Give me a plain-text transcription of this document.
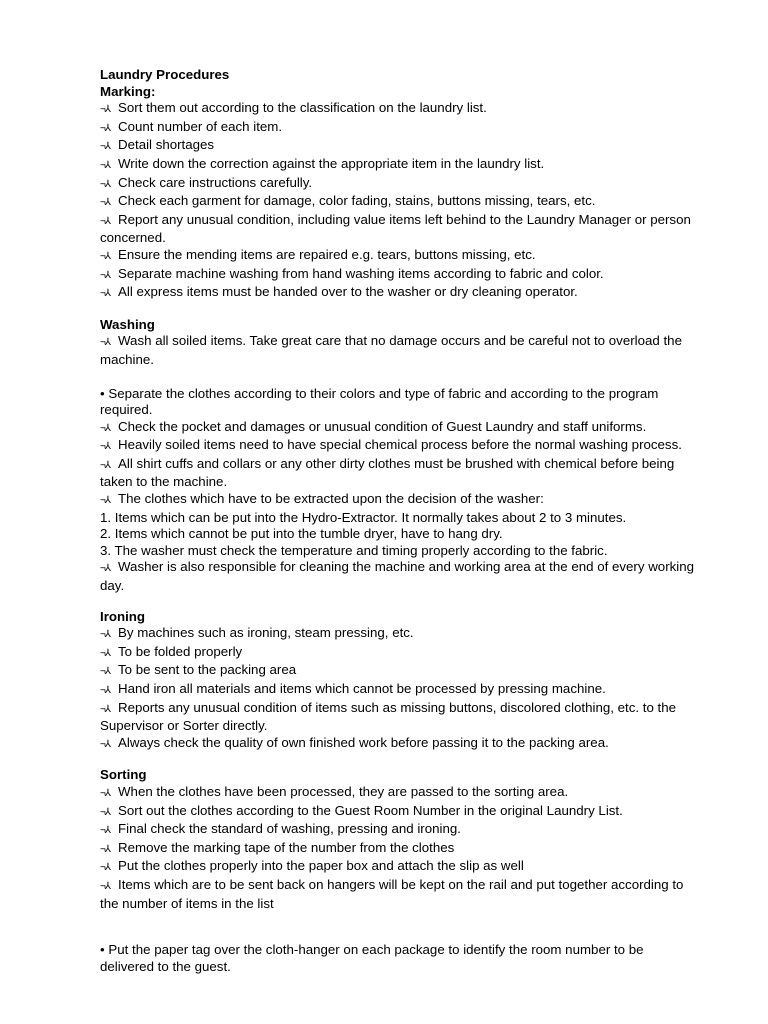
Laundry Procedures
Marking:
¬⅄ Sort them out according to the classification on the laundry list.
¬⅄ Count number of each item.
¬⅄ Detail shortages
¬⅄ Write down the correction against the appropriate item in the laundry list.
¬⅄ Check care instructions carefully.
¬⅄ Check each garment for damage, color fading, stains, buttons missing, tears, etc.
¬⅄ Report any unusual condition, including value items left behind to the Laundry Manager or person concerned.
¬⅄ Ensure the mending items are repaired e.g. tears, buttons missing, etc.
¬⅄ Separate machine washing from hand washing items according to fabric and color.
¬⅄ All express items must be handed over to the washer or dry cleaning operator.
Washing
¬⅄ Wash all soiled items. Take great care that no damage occurs and be careful not to overload the machine.
• Separate the clothes according to their colors and type of fabric and according to the program required.
¬⅄ Check the pocket and damages or unusual condition of Guest Laundry and staff uniforms.
¬⅄ Heavily soiled items need to have special chemical process before the normal washing process.
¬⅄ All shirt cuffs and collars or any other dirty clothes must be brushed with chemical before being taken to the machine.
¬⅄ The clothes which have to be extracted upon the decision of the washer:
1. Items which can be put into the Hydro-Extractor. It normally takes about 2 to 3 minutes.
2. Items which cannot be put into the tumble dryer, have to hang dry.
3. The washer must check the temperature and timing properly according to the fabric.
¬⅄ Washer is also responsible for cleaning the machine and working area at the end of every working day.
Ironing
¬⅄ By machines such as ironing, steam pressing, etc.
¬⅄ To be folded properly
¬⅄ To be sent to the packing area
¬⅄ Hand iron all materials and items which cannot be processed by pressing machine.
¬⅄ Reports any unusual condition of items such as missing buttons, discolored clothing, etc. to the Supervisor or Sorter directly.
¬⅄ Always check the quality of own finished work before passing it to the packing area.
Sorting
¬⅄ When the clothes have been processed, they are passed to the sorting area.
¬⅄ Sort out the clothes according to the Guest Room Number in the original Laundry List.
¬⅄ Final check the standard of washing, pressing and ironing.
¬⅄ Remove the marking tape of the number from the clothes
¬⅄ Put the clothes properly into the paper box and attach the slip as well
¬⅄ Items which are to be sent back on hangers will be kept on the rail and put together according to the number of items in the list
• Put the paper tag over the cloth-hanger on each package to identify the room number to be delivered to the guest.
